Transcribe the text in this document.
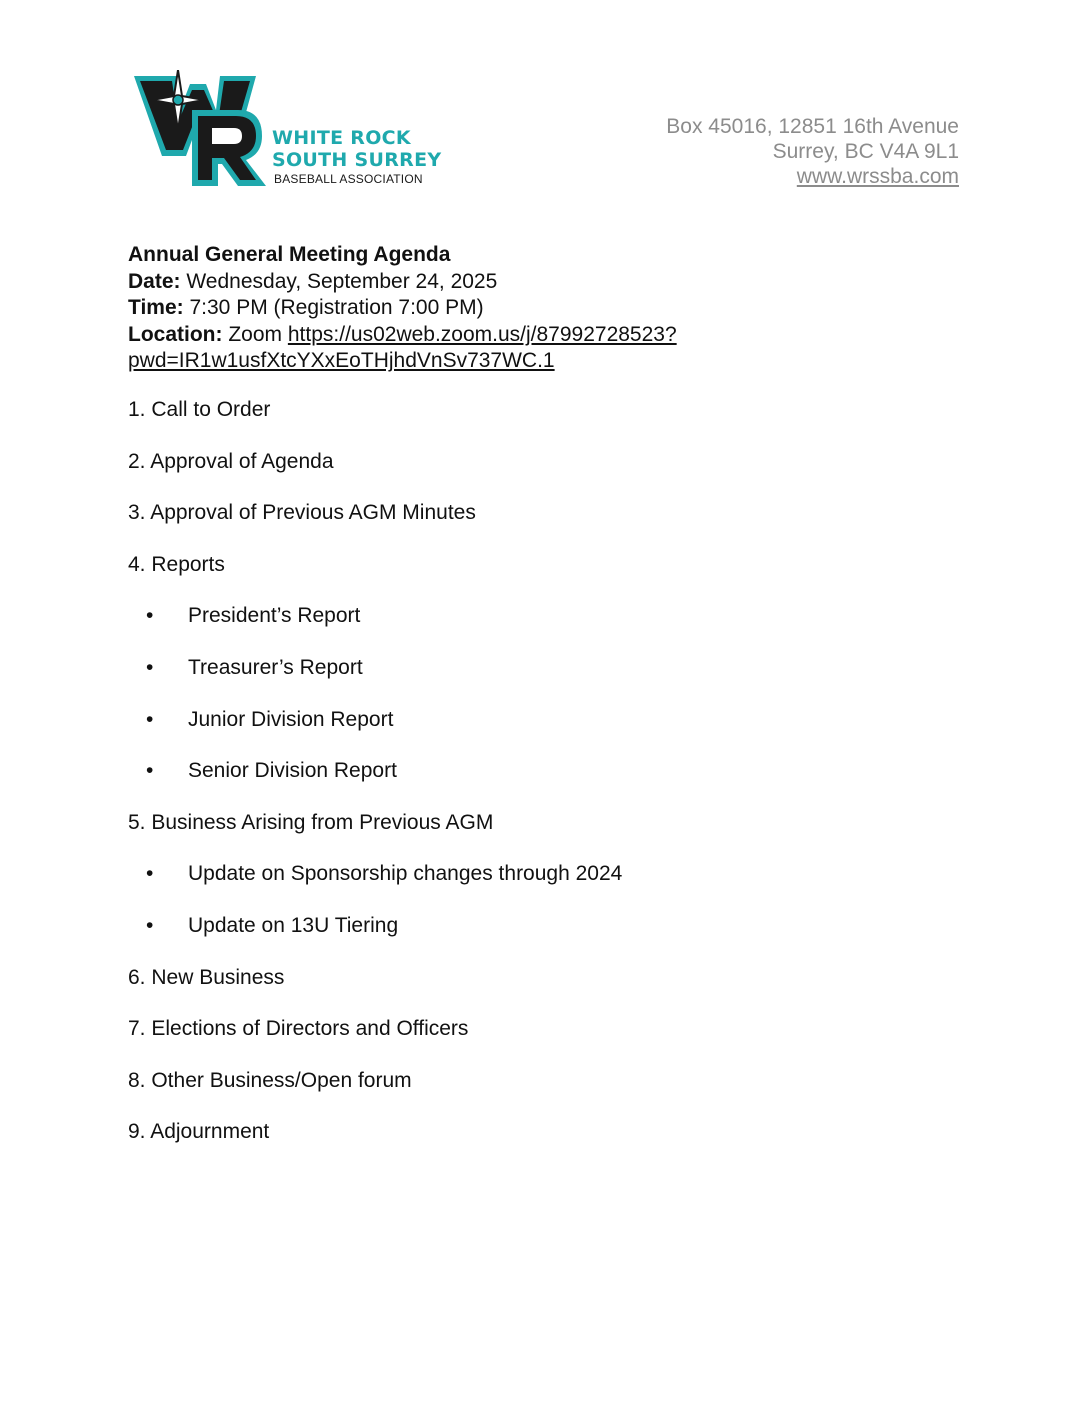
WHITE ROCK
SOUTH SURREY
BASEBALL ASSOCIATION
Box 45016, 12851 16th Avenue
Surrey, BC V4A 9L1
www.wrssba.com
Annual General Meeting Agenda
Date: Wednesday, September 24, 2025
Time: 7:30 PM (Registration 7:00 PM)
Location: Zoom https://us02web.zoom.us/j/87992728523?
pwd=IR1w1usfXtcYXxEoTHjhdVnSv737WC.1
1. Call to Order
2. Approval of Agenda
3. Approval of Previous AGM Minutes
4. Reports
• President’s Report
• Treasurer’s Report
• Junior Division Report
• Senior Division Report
5. Business Arising from Previous AGM
• Update on Sponsorship changes through 2024
• Update on 13U Tiering
6. New Business
7. Elections of Directors and Officers
8. Other Business/Open forum
9. Adjournment
